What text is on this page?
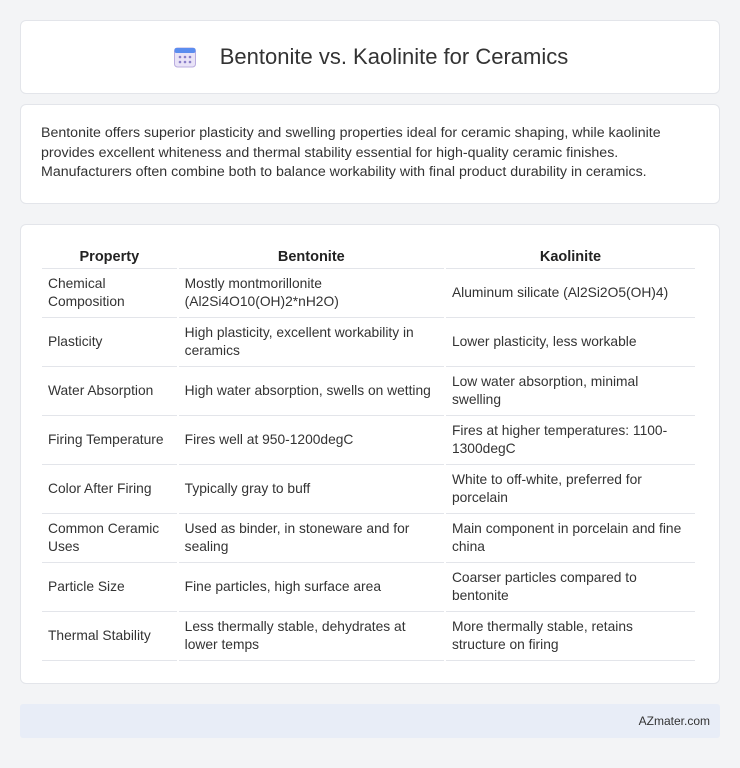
Bentonite vs. Kaolinite for Ceramics

Bentonite offers superior plasticity and swelling properties ideal for ceramic shaping, while kaolinite provides excellent whiteness and thermal stability essential for high-quality ceramic finishes. Manufacturers often combine both to balance workability with final product durability in ceramics.

Property	Bentonite	Kaolinite
Chemical Composition	Mostly montmorillonite (Al2Si4O10(OH)2*nH2O)	Aluminum silicate (Al2Si2O5(OH)4)
Plasticity	High plasticity, excellent workability in ceramics	Lower plasticity, less workable
Water Absorption	High water absorption, swells on wetting	Low water absorption, minimal swelling
Firing Temperature	Fires well at 950-1200degC	Fires at higher temperatures: 1100-1300degC
Color After Firing	Typically gray to buff	White to off-white, preferred for porcelain
Common Ceramic Uses	Used as binder, in stoneware and for sealing	Main component in porcelain and fine china
Particle Size	Fine particles, high surface area	Coarser particles compared to bentonite
Thermal Stability	Less thermally stable, dehydrates at lower temps	More thermally stable, retains structure on firing
AZmater.com
